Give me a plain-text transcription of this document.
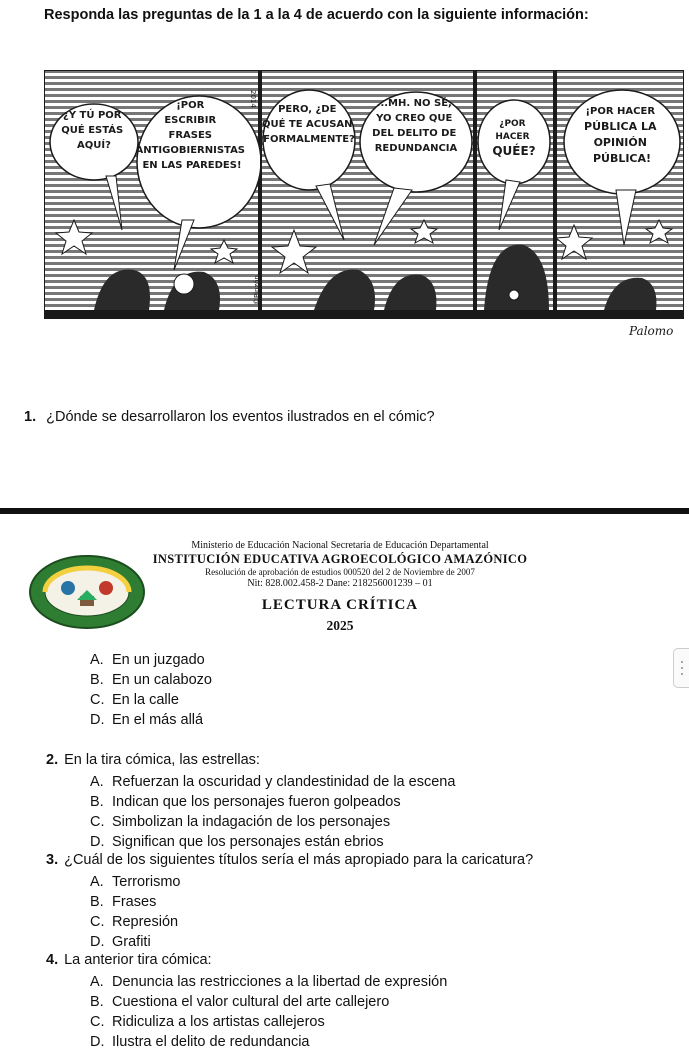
Responda las preguntas de la 1 a la 4 de acuerdo con la siguiente información:
¿Y TÚ POR QUÉ ESTÁS AQUÍ?
¡POR ESCRIBIR FRASES ANTIGOBIERNISTAS EN LAS PAREDES!
2014
©Pinzón
PERO, ¿DE QUÉ TE ACUSAN FORMALMENTE?
...MH. NO SÉ, YO CREO QUE DEL DELITO DE REDUNDANCIA
¿POR HACER QUÉE?
¡POR HACER PÚBLICA LA OPINIÓN PÚBLICA!
Palomo
1. ¿Dónde se desarrollaron los eventos ilustrados en el cómic?
Ministerio de Educación Nacional Secretaria de Educación Departamental
INSTITUCIÓN EDUCATIVA AGROECOLÓGICO AMAZÓNICO
Resolución de aprobación de estudios 000520 del 2 de Noviembre de 2007
Nit: 828.002.458-2 Dane: 218256001239 – 01
LECTURA CRÍTICA
2025
A. En un juzgado
B. En un calabozo
C. En la calle
D. En el más allá
2. En la tira cómica, las estrellas:
A. Refuerzan la oscuridad y clandestinidad de la escena
B. Indican que los personajes fueron golpeados
C. Simbolizan la indagación de los personajes
D. Significan que los personajes están ebrios
3. ¿Cuál de los siguientes títulos sería el más apropiado para la caricatura?
A. Terrorismo
B. Frases
C. Represión
D. Grafiti
4. La anterior tira cómica:
A. Denuncia las restricciones a la libertad de expresión
B. Cuestiona el valor cultural del arte callejero
C. Ridiculiza a los artistas callejeros
D. Ilustra el delito de redundancia
